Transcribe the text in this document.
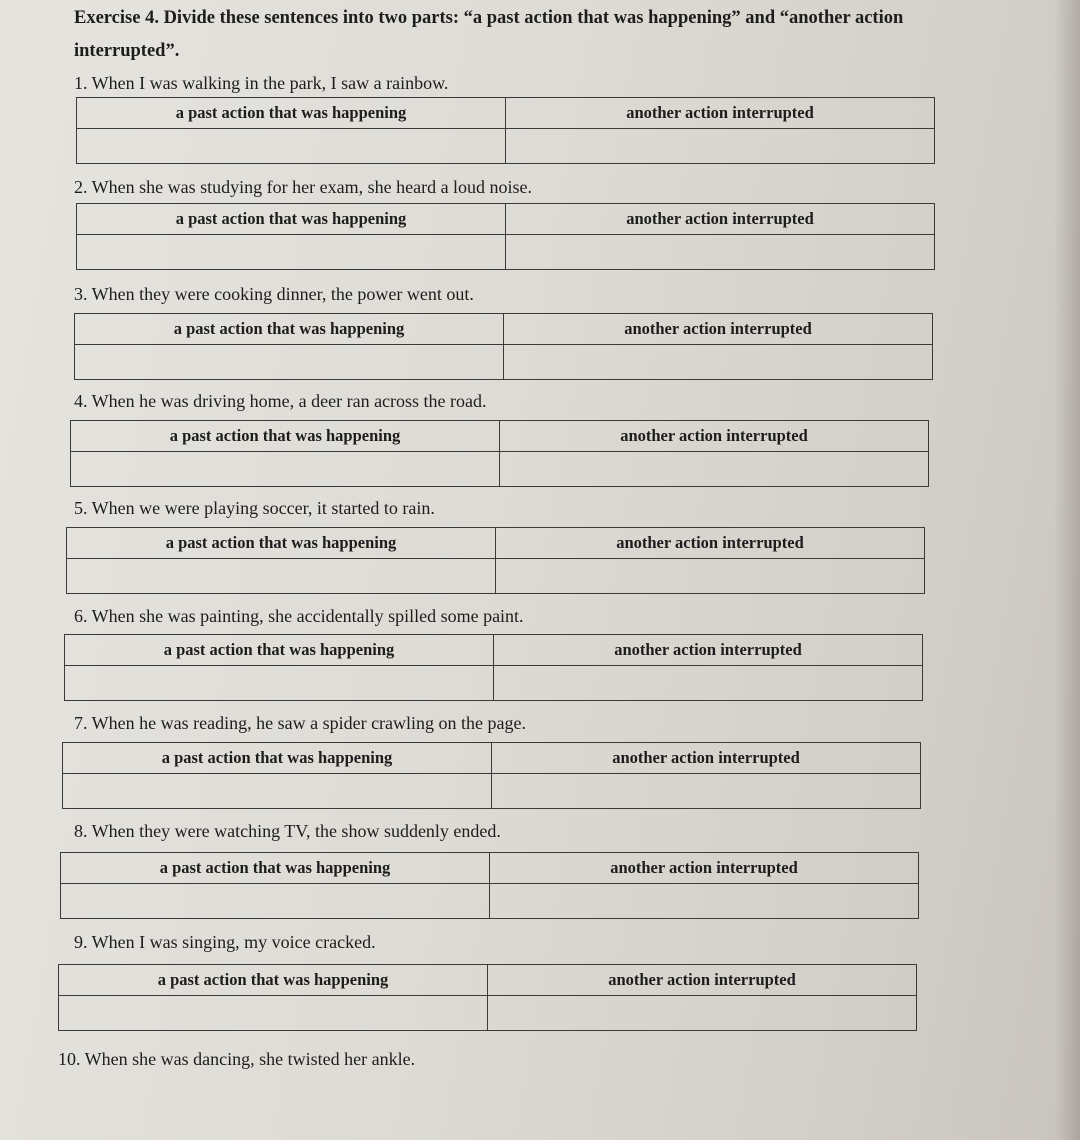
Exercise 4. Divide these sentences into two parts: “a past action that was happening” and “another action
interrupted”.
1. When I was walking in the park, I saw a rainbow.
a past action that was happening	another action interrupted

2. When she was studying for her exam, she heard a loud noise.
a past action that was happening	another action interrupted

3. When they were cooking dinner, the power went out.
a past action that was happening	another action interrupted

4. When he was driving home, a deer ran across the road.
a past action that was happening	another action interrupted

5. When we were playing soccer, it started to rain.
a past action that was happening	another action interrupted

6. When she was painting, she accidentally spilled some paint.
a past action that was happening	another action interrupted

7. When he was reading, he saw a spider crawling on the page.
a past action that was happening	another action interrupted

8. When they were watching TV, the show suddenly ended.
a past action that was happening	another action interrupted

9. When I was singing, my voice cracked.
a past action that was happening	another action interrupted

10. When she was dancing, she twisted her ankle.
